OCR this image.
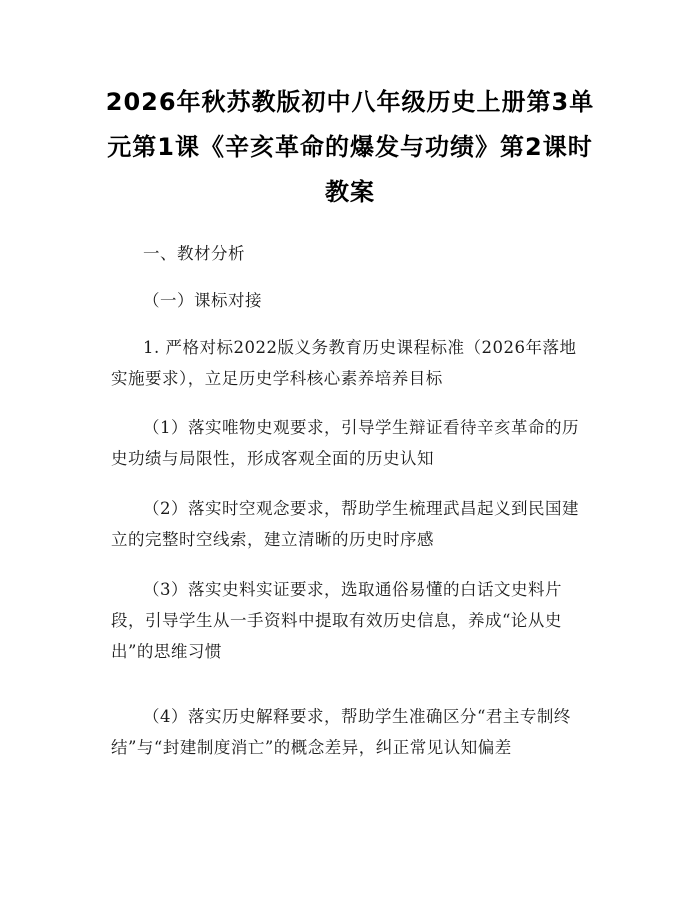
2026年秋苏教版初中八年级历史上册第3单元第1课《辛亥革命的爆发与功绩》第2课时教案

一、教材分析

（一）课标对接

1. 严格对标2022版义务教育历史课程标准（2026年落地实施要求），立足历史学科核心素养培养目标

（1）落实唯物史观要求，引导学生辩证看待辛亥革命的历史功绩与局限性，形成客观全面的历史认知

（2）落实时空观念要求，帮助学生梳理武昌起义到民国建立的完整时空线索，建立清晰的历史时序感

（3）落实史料实证要求，选取通俗易懂的白话文史料片段，引导学生从一手资料中提取有效历史信息，养成“论从史出”的思维习惯

（4）落实历史解释要求，帮助学生准确区分“君主专制终结”与“封建制度消亡”的概念差异，纠正常见认知偏差
